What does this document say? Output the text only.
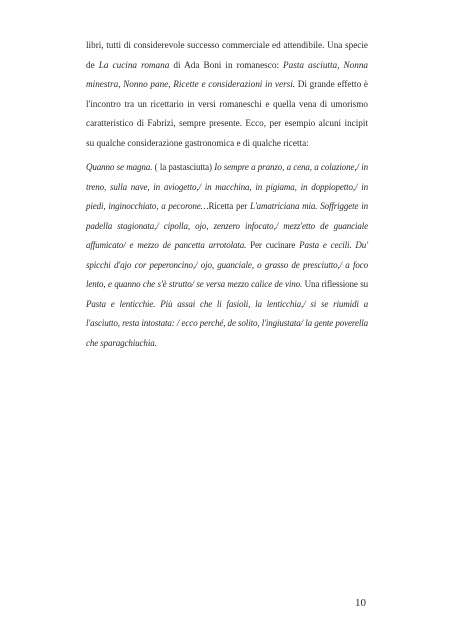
libri, tutti di considerevole successo commerciale ed attendibile. Una specie de La cucina romana di Ada Boni in romanesco: Pasta asciutta, Nonna minestra, Nonno pane, Ricette e considerazioni in versi. Di grande effetto è l'incontro tra un ricettario in versi romaneschi e quella vena di umorismo caratteristico di Fabrizi, sempre presente. Ecco, per esempio alcuni incipit su qualche considerazione gastronomica e di qualche ricetta:

Quanno se magna. ( la pastasciutta) Io sempre a pranzo, a cena, a colazione,/ in treno, sulla nave, in aviogetto,/ in macchina, in pigiama, in doppiopetto,/ in piedi, inginocchiato, a pecorone…Ricetta per L'amatriciana mia. Soffriggete in padella stagionata,/ cipolla, ojo, zenzero infocato,/ mezz'etto de guanciale affumicato/ e mezzo de pancetta arrotolata. Per cucinare Pasta e cecili. Du' spicchi d'ajo cor peperoncino,/ ojo, guanciale, o grasso de presciutto,/ a foco lento, e quanno che s'è strutto/ se versa mezzo calice de vino. Una riflessione su Pasta e lenticchie. Più assai che li fasioli, la lenticchia,/ si se riumidi a l'asciutto, resta intostata: / ecco perché, de solito, l'ingiustata/ la gente poverella che sparagchiuchia.

10
